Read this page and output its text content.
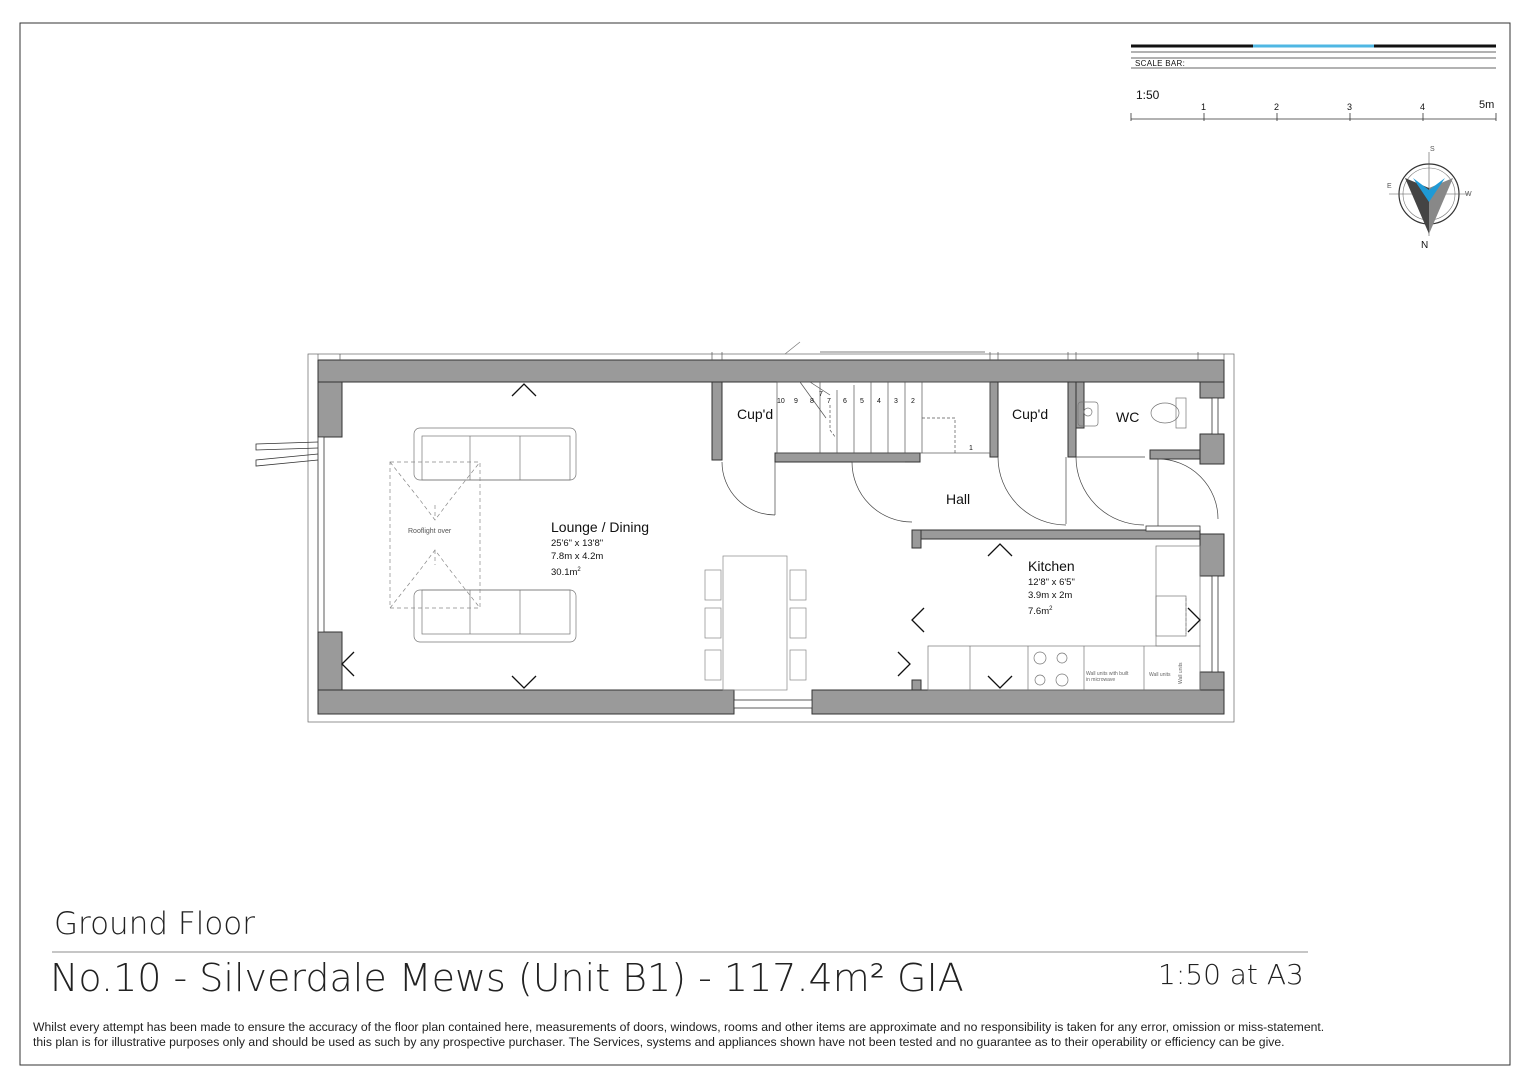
SCALE BAR:
1:50
1	2	3	4	5m
N
S
E
W
Lounge / Dining
25'6" x 13'8"
7.8m x 4.2m
$30.1m^2$	Kitchen
12'8" x 6'5"
3.9m x 2m
$7.6m^2$
Hall
Cup'd	Cup'd	WC
Rooflight over
Wall units with built in microwave
Wall units Wall units
10 9 8
7
7 6 5 4 3 2
1
Ground Floor
No.10 - Silverdale Mews (Unit B1) - 117.4m² GIA	1:50 at A3
Whilst every attempt has been made to ensure the accuracy of the floor plan contained here, measurements of doors, windows, rooms and other items are approximate and no responsibility is taken for any error, omission or miss-statement.
this plan is for illustrative purposes only and should be used as such by any prospective purchaser. The Services, systems and appliances shown have not been tested and no guarantee as to their operability or efficiency can be give.
